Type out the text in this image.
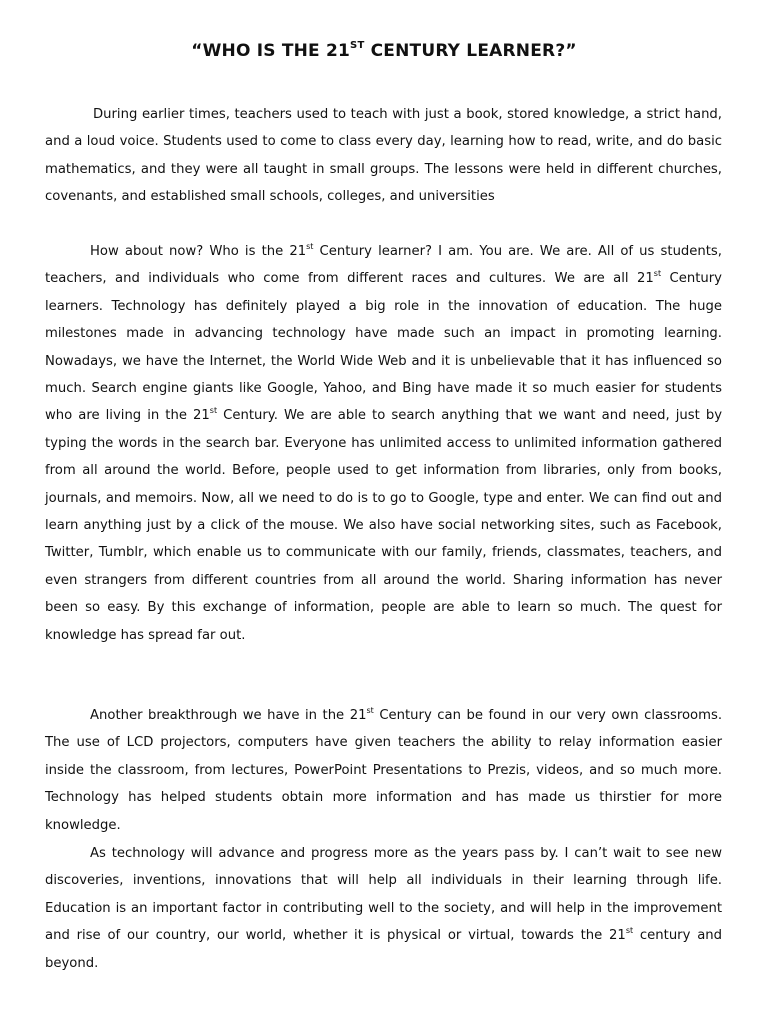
“WHO IS THE 21ST CENTURY LEARNER?”

During earlier times, teachers used to teach with just a book, stored knowledge, a strict hand, and a loud voice. Students used to come to class every day, learning how to read, write, and do basic mathematics, and they were all taught in small groups. The lessons were held in different churches, covenants, and established small schools, colleges, and universities

How about now? Who is the 21st Century learner? I am. You are. We are. All of us students, teachers, and individuals who come from different races and cultures. We are all 21st Century learners. Technology has definitely played a big role in the innovation of education. The huge milestones made in advancing technology have made such an impact in promoting learning. Nowadays, we have the Internet, the World Wide Web and it is unbelievable that it has influenced so much. Search engine giants like Google, Yahoo, and Bing have made it so much easier for students who are living in the 21st Century. We are able to search anything that we want and need, just by typing the words in the search bar. Everyone has unlimited access to unlimited information gathered from all around the world. Before, people used to get information from libraries, only from books, journals, and memoirs. Now, all we need to do is to go to Google, type and enter. We can find out and learn anything just by a click of the mouse. We also have social networking sites, such as Facebook, Twitter, Tumblr, which enable us to communicate with our family, friends, classmates, teachers, and even strangers from different countries from all around the world. Sharing information has never been so easy. By this exchange of information, people are able to learn so much. The quest for knowledge has spread far out.

Another breakthrough we have in the 21st Century can be found in our very own classrooms. The use of LCD projectors, computers have given teachers the ability to relay information easier inside the classroom, from lectures, PowerPoint Presentations to Prezis, videos, and so much more. Technology has helped students obtain more information and has made us thirstier for more knowledge.

As technology will advance and progress more as the years pass by. I can’t wait to see new discoveries, inventions, innovations that will help all individuals in their learning through life. Education is an important factor in contributing well to the society, and will help in the improvement and rise of our country, our world, whether it is physical or virtual, towards the 21st century and beyond.
